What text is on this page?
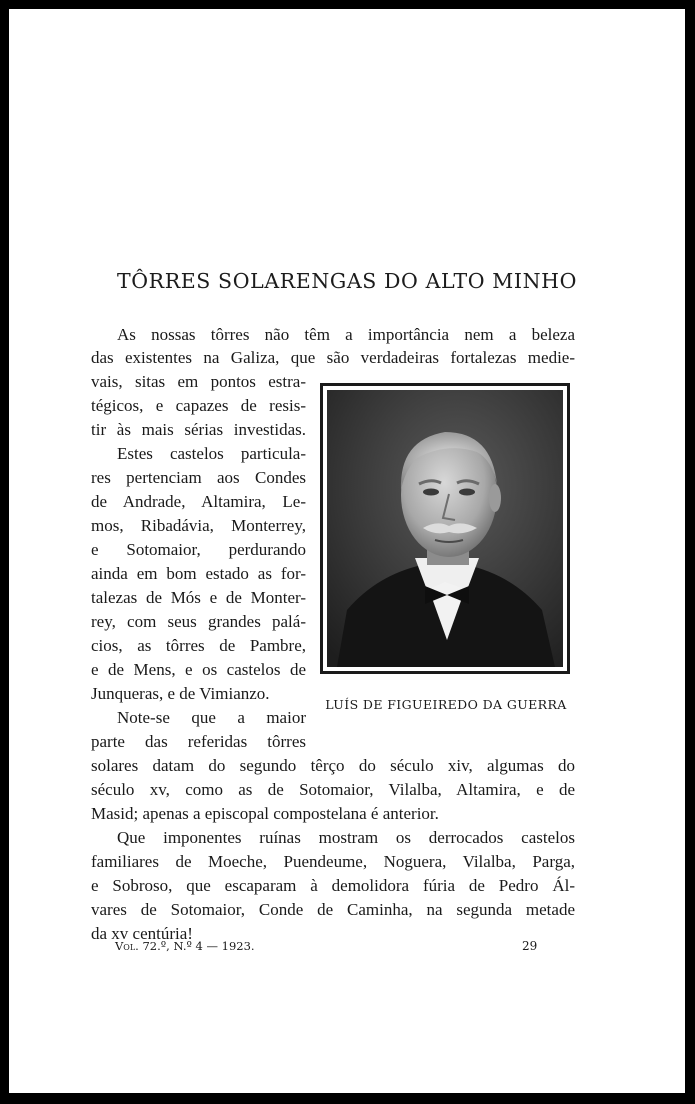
TÔRRES SOLARENGAS DO ALTO MINHO
As nossas tôrres não têm a importância nem a beleza
das existentes na Galiza, que são verdadeiras fortalezas medie-
vais, sitas em pontos estra-
tégicos, e capazes de resis-
tir às mais sérias investidas.
Estes castelos particula-
res pertenciam aos Condes
de Andrade, Altamira, Le-
mos, Ribadávia, Monterrey,
e Sotomaior, perdurando
ainda em bom estado as for-
talezas de Mós e de Monter-
rey, com seus grandes palá-
cios, as tôrres de Pambre,
e de Mens, e os castelos de
Junqueras, e de Vimianzo.
Note-se que a maior
parte das referidas tôrres
solares datam do segundo têrço do século xiv, algumas do
século xv, como as de Sotomaior, Vilalba, Altamira, e de
Masid; apenas a episcopal compostelana é anterior.
Que imponentes ruínas mostram os derrocados castelos
familiares de Moeche, Puendeume, Noguera, Vilalba, Parga,
e Sobroso, que escaparam à demolidora fúria de Pedro Ál-
vares de Sotomaior, Conde de Caminha, na segunda metade
da xv centúria!
LUÍS DE FIGUEIREDO DA GUERRA
Vol. 72.º, N.º 4 — 1923.	29
